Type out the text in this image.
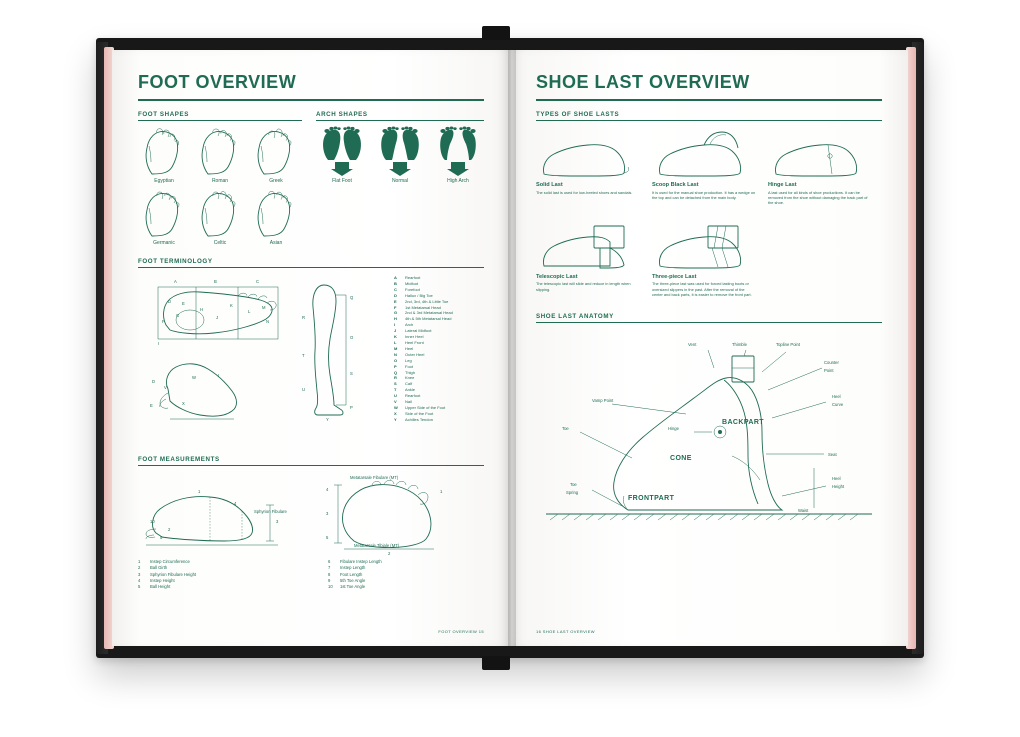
FOOT OVERVIEW
FOOT SHAPES
Egyptian	Roman	Greek
Germanic	Celtic	Asian
ARCH SHAPES
Flat Foot	Normal	High Arch
FOOT TERMINOLOGY
A	B	C
D	E
G
F
H
J
K
L
M
N
I
Q
O
S
P
R
T
U
Y
D
V
E
W
X
I
A	Rearfoot
B	Midfoot
C	Forefoot
D	Hallux / Big Toe
E	2nd, 3rd, 4th & Little Toe
F	1st Metatarsal Head
G	2nd & 3rd Metatarsal Head
H	4th & 5th Metatarsal Head
I	Arch
J	Lateral Midfoot
K	Inner Heel
L	Heel Front
M	Heel
N	Outer Heel
O	Leg
P	Foot
Q	Thigh
R	Knee
S	Calf
T	Ankle
U	Rearfoot
V	Nail
W	Upper Side of the Foot
X	Side of the Foot
Y	Achilles Tendon
FOOT MEASUREMENTS
3
Sphyrion Fibulare
1
4
2
5
10
4
3
5
2
1
Metatarsale Fibulare (MT)
Metatarsale Tibiale (MT)
1	Instep Circumference
2	Ball Girth
3	Sphyrion Fibulare Height
4	Instep Height
5	Ball Height
6	Fibulare Instep Length
7	Instep Length
8	Foot Length
9	5th Toe Angle
10	1st Toe Angle
FOOT OVERVIEW 15
SHOE LAST OVERVIEW
TYPES OF SHOE LASTS
Solid Last
The solid last is used for low-heeled shoes and sandals.
Scoop Black Last
It is used for the manual shoe production. It has a wedge on the top and can be detached from the main body.
Hinge Last
A last used for all kinds of shoe productions. It can be removed from the shoe without damaging the back part of the shoe.
Telescopic Last
The telescopic last will slide and reduce in length when slipping.
Three-piece Last
The three-piece last was used for forced lasting boots or oversized slippers in the past. After the removal of the center and back parts, it is easier to remove the front part.
SHOE LAST ANATOMY
Vent	Thimble	Topline Point
Counter
Point
Heel
Curve
Seat
Heel
Height
Waist
Vamp Point
Toe
Toe
Spring
Hinge
BACKPART
CONE
FRONTPART
16 SHOE LAST OVERVIEW
